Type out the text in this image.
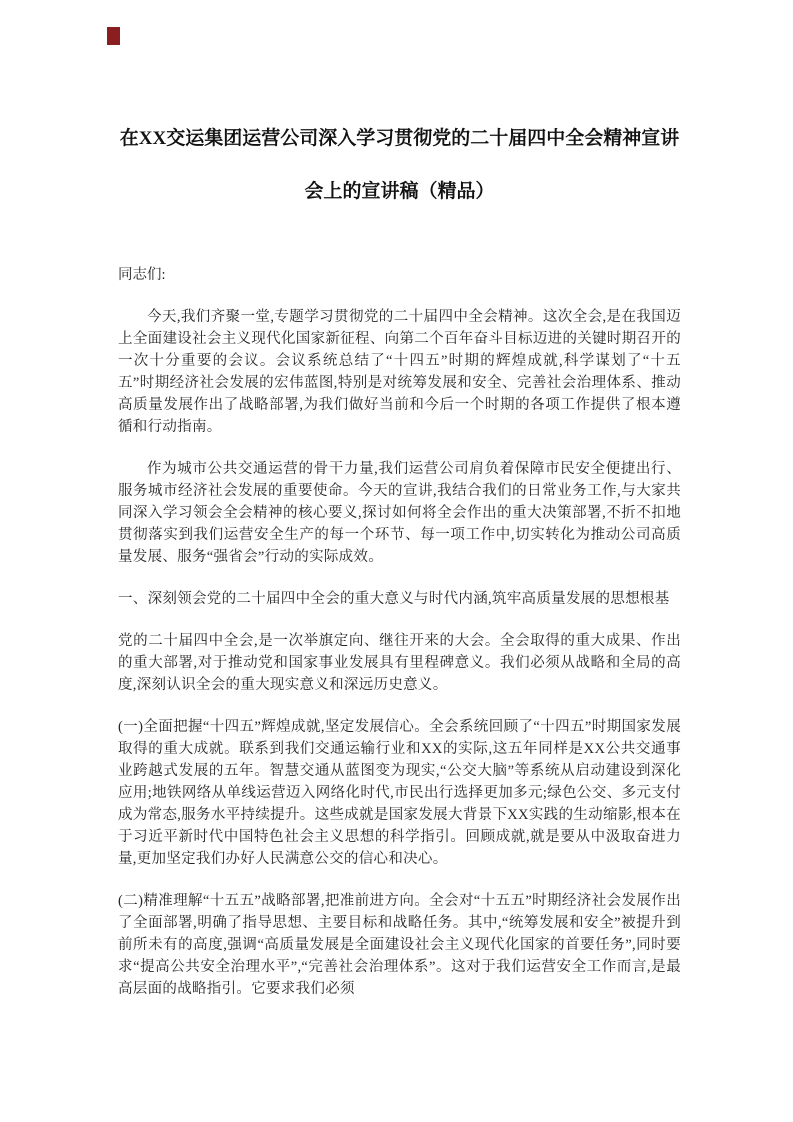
在XX交运集团运营公司深入学习贯彻党的二十届四中全会精神宣讲
会上的宣讲稿（精品）
同志们:

今天,我们齐聚一堂,专题学习贯彻党的二十届四中全会精神。这次全会,是在我国迈上全面建设社会主义现代化国家新征程、向第二个百年奋斗目标迈进的关键时期召开的一次十分重要的会议。会议系统总结了“十四五”时期的辉煌成就,科学谋划了“十五五”时期经济社会发展的宏伟蓝图,特别是对统筹发展和安全、完善社会治理体系、推动高质量发展作出了战略部署,为我们做好当前和今后一个时期的各项工作提供了根本遵循和行动指南。

作为城市公共交通运营的骨干力量,我们运营公司肩负着保障市民安全便捷出行、服务城市经济社会发展的重要使命。今天的宣讲,我结合我们的日常业务工作,与大家共同深入学习领会全会精神的核心要义,探讨如何将全会作出的重大决策部署,不折不扣地贯彻落实到我们运营安全生产的每一个环节、每一项工作中,切实转化为推动公司高质量发展、服务“强省会”行动的实际成效。

一、深刻领会党的二十届四中全会的重大意义与时代内涵,筑牢高质量发展的思想根基

党的二十届四中全会,是一次举旗定向、继往开来的大会。全会取得的重大成果、作出的重大部署,对于推动党和国家事业发展具有里程碑意义。我们必须从战略和全局的高度,深刻认识全会的重大现实意义和深远历史意义。

(一)全面把握“十四五”辉煌成就,坚定发展信心。全会系统回顾了“十四五”时期国家发展取得的重大成就。联系到我们交通运输行业和XX的实际,这五年同样是XX公共交通事业跨越式发展的五年。智慧交通从蓝图变为现实,“公交大脑”等系统从启动建设到深化应用;地铁网络从单线运营迈入网络化时代,市民出行选择更加多元;绿色公交、多元支付成为常态,服务水平持续提升。这些成就是国家发展大背景下XX实践的生动缩影,根本在于习近平新时代中国特色社会主义思想的科学指引。回顾成就,就是要从中汲取奋进力量,更加坚定我们办好人民满意公交的信心和决心。

(二)精准理解“十五五”战略部署,把准前进方向。全会对“十五五”时期经济社会发展作出了全面部署,明确了指导思想、主要目标和战略任务。其中,“统筹发展和安全”被提升到前所未有的高度,强调“高质量发展是全面建设社会主义现代化国家的首要任务”,同时要求“提高公共安全治理水平”,“完善社会治理体系”。这对于我们运营安全工作而言,是最高层面的战略指引。它要求我们必须
